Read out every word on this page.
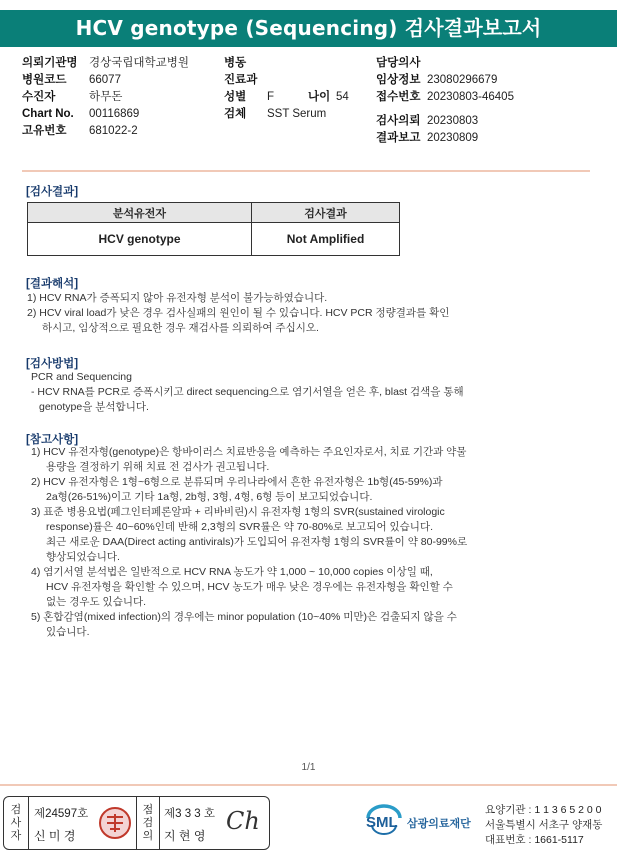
HCV genotype (Sequencing) 검사결과보고서
의뢰기관명 경상국립대학교병원
병원코드 66077
수진자	하무돈
Chart No. 00116869
고유번호 681022-2
병동
진료과
성별 F	나이 54
검체 SST Serum
담당의사
임상정보 23080296679
접수번호 20230803-46405
검사의뢰 20230803
결과보고 20230809
[검사결과]
분석유전자	검사결과
HCV genotype	Not Amplified
[결과해석]

1) HCV RNA가 증폭되지 않아 유전자형 분석이 불가능하였습니다.

2) HCV viral load가 낮은 경우 검사실패의 원인이 될 수 있습니다. HCV PCR 정량결과를 확인

하시고, 임상적으로 필요한 경우 재검사를 의뢰하여 주십시오.

[검사방법]

PCR and Sequencing

- HCV RNA를 PCR로 증폭시키고 direct sequencing으로 염기서열을 얻은 후, blast 검색을 통해

genotype을 분석합니다.

[참고사항]

1) HCV 유전자형(genotype)은 항바이러스 치료반응을 예측하는 주요인자로서, 치료 기간과 약물

용량을 결정하기 위해 치료 전 검사가 권고됩니다.

2) HCV 유전자형은 1형~6형으로 분류되며 우리나라에서 흔한 유전자형은 1b형(45-59%)과

2a형(26-51%)이고 기타 1a형, 2b형, 3형, 4형, 6형 등이 보고되었습니다.

3) 표준 병용요법(페그인터페론알파 + 리바비린)시 유전자형 1형의 SVR(sustained virologic

response)률은 40~60%인데 반해 2,3형의 SVR률은 약 70-80%로 보고되어 있습니다.

최근 새로운 DAA(Direct acting antivirals)가 도입되어 유전자형 1형의 SVR률이 약 80-99%로

향상되었습니다.

4) 염기서열 분석법은 일반적으로 HCV RNA 농도가 약 1,000 ~ 10,000 copies 이상일 때,

HCV 유전자형을 확인할 수 있으며, HCV 농도가 매우 낮은 경우에는 유전자형을 확인할 수

없는 경우도 있습니다.

5) 혼합감염(mixed infection)의 경우에는 minor population (10~40% 미만)은 검출되지 않을 수

있습니다.

1/1
검
사
자
제24597호
신 미 경
점
검
의
제3 3 3 호
지 현 영
Ch	SML 삼광의료재단
요양기관 : 1 1 3 6 5 2 0 0
서울특별시 서초구 양재동
대표번호 : 1661-5117
